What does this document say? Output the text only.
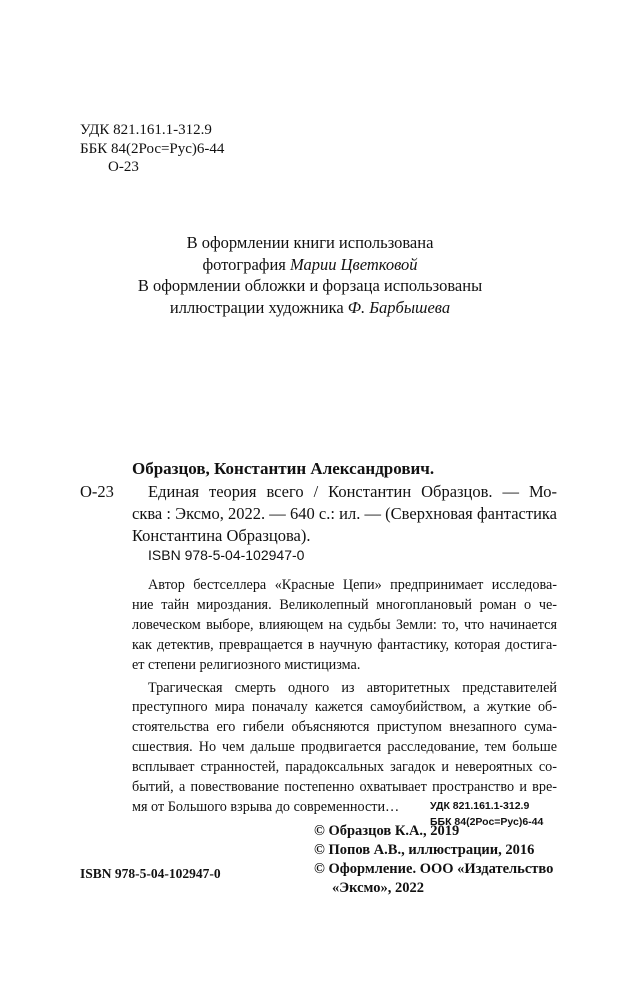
УДК 821.161.1-312.9
ББК 84(2Рос=Рус)6-44
О-23
В оформлении книги использована
фотография Марии Цветковой
В оформлении обложки и форзаца использованы
иллюстрации художника Ф. Барбышева
Образцов, Константин Александрович.
О-23	Единая теория всего / Константин Образцов. — Мо-
сква : Эксмо, 2022. — 640 с.: ил. — (Сверхновая фантастика
Константина Образцова).
ISBN 978-5-04-102947-0

Автор бестселлера «Красные Цепи» предпринимает исследова-
ние тайн мироздания. Великолепный многоплановый роман о че-
ловеческом выборе, влияющем на судьбы Земли: то, что начинается
как детектив, превращается в научную фантастику, которая достига-
ет степени религиозного мистицизма.

Трагическая смерть одного из авторитетных представителей
преступного мира поначалу кажется самоубийством, а жуткие об-
стоятельства его гибели объясняются приступом внезапного сума-
сшествия. Но чем дальше продвигается расследование, тем больше
всплывает странностей, парадоксальных загадок и невероятных со-
бытий, а повествование постепенно охватывает пространство и вре-
мя от Большого взрыва до современности…	УДК 821.161.1-312.9
ББК 84(2Рос=Рус)6-44
© Образцов К.А., 2019
© Попов А.В., иллюстрации, 2016
© Оформление. ООО «Издательство
«Эксмо», 2022
ISBN 978-5-04-102947-0
